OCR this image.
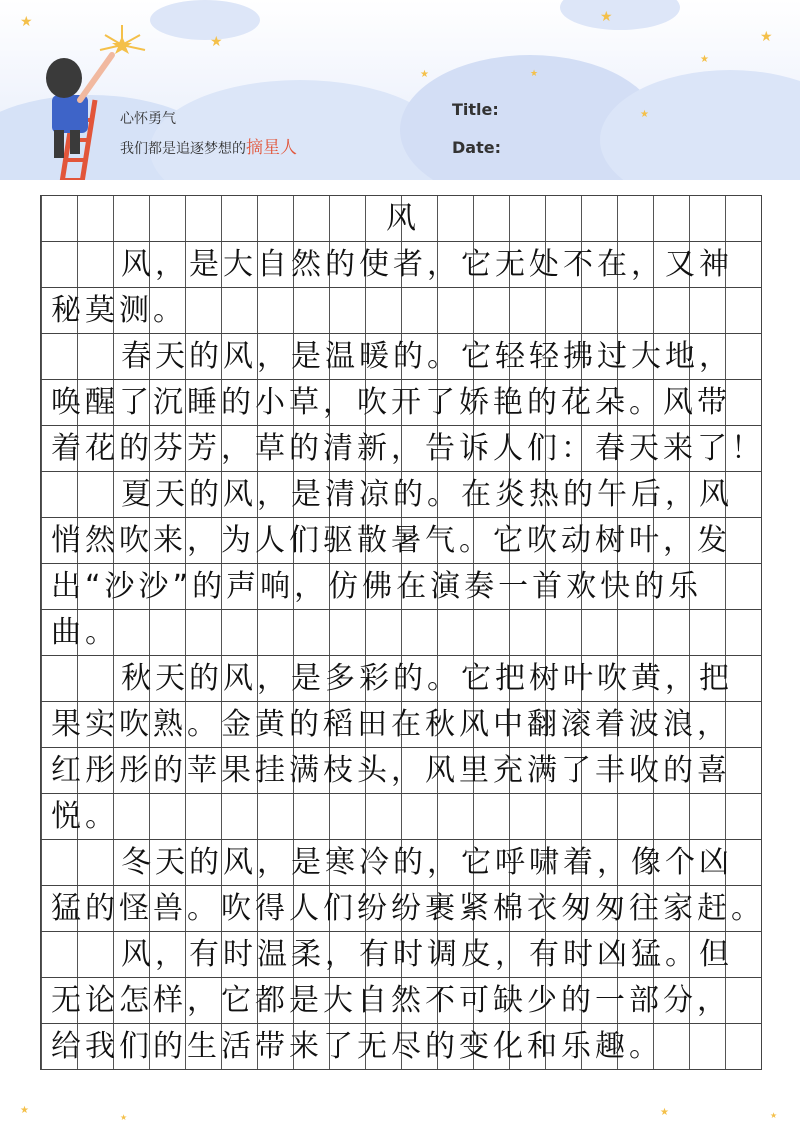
★
★
★
★
★
★
★
★
心怀勇气
我们都是追逐梦想的摘星人
Title:
Date:
风
风，是大自然的使者，它无处不在，又神
秘莫测。
春天的风，是温暖的。它轻轻拂过大地，
唤醒了沉睡的小草，吹开了娇艳的花朵。风带
着花的芬芳，草的清新，告诉人们：春天来了！
夏天的风，是清凉的。在炎热的午后，风
悄然吹来，为人们驱散暑气。它吹动树叶，发
出“沙沙”的声响，仿佛在演奏一首欢快的乐
曲。
秋天的风，是多彩的。它把树叶吹黄，把
果实吹熟。金黄的稻田在秋风中翻滚着波浪，
红彤彤的苹果挂满枝头，风里充满了丰收的喜
悦。
冬天的风，是寒冷的，它呼啸着，像个凶
猛的怪兽。吹得人们纷纷裹紧棉衣匆匆往家赶。
风，有时温柔，有时调皮，有时凶猛。但
无论怎样，它都是大自然不可缺少的一部分，
给我们的生活带来了无尽的变化和乐趣。
★
★	★	★
